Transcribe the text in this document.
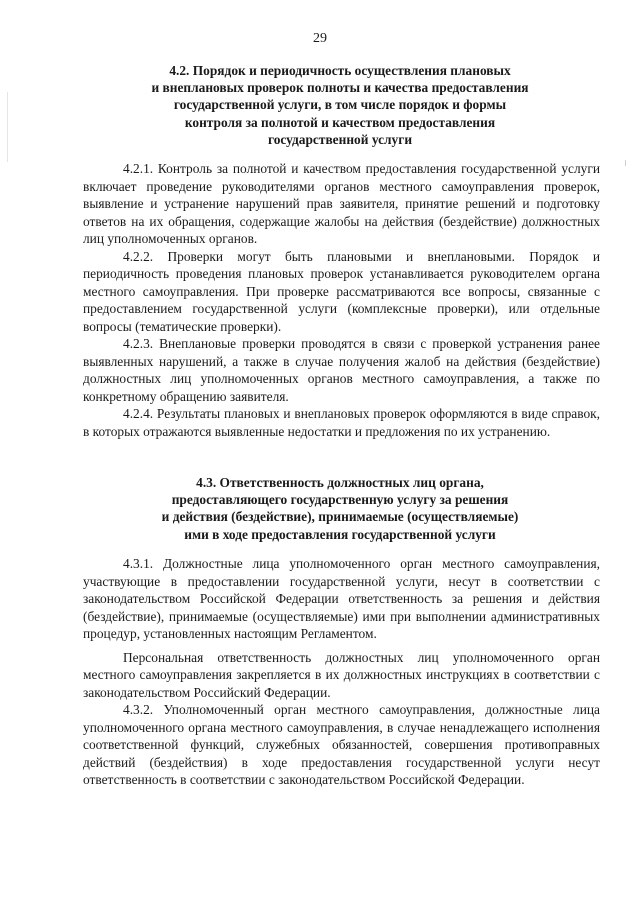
29
4.2. Порядок и периодичность осуществления плановых
и внеплановых проверок полноты и качества предоставления
государственной услуги, в том числе порядок и формы
контроля за полнотой и качеством предоставления
государственной услуги

4.2.1. Контроль за полнотой и качеством предоставления государственной услуги включает проведение руководителями органов местного самоуправления проверок, выявление и устранение нарушений прав заявителя, принятие решений и подготовку ответов на их обращения, содержащие жалобы на действия (бездействие) должностных лиц уполномоченных органов.

4.2.2. Проверки могут быть плановыми и внеплановыми. Порядок и периодичность проведения плановых проверок устанавливается руководителем органа местного самоуправления. При проверке рассматриваются все вопросы, связанные с предоставлением государственной услуги (комплексные проверки), или отдельные вопросы (тематические проверки).

4.2.3. Внеплановые проверки проводятся в связи с проверкой устранения ранее выявленных нарушений, а также в случае получения жалоб на действия (бездействие) должностных лиц уполномоченных органов местного самоуправления, а также по конкретному обращению заявителя.

4.2.4. Результаты плановых и внеплановых проверок оформляются в виде справок, в которых отражаются выявленные недостатки и предложения по их устранению.

4.3. Ответственность должностных лиц органа,
предоставляющего государственную услугу за решения
и действия (бездействие), принимаемые (осуществляемые)
ими в ходе предоставления государственной услуги

4.3.1. Должностные лица уполномоченного орган местного самоуправления, участвующие в предоставлении государственной услуги, несут в соответствии с законодательством Российской Федерации ответственность за решения и действия (бездействие), принимаемые (осуществляемые) ими при выполнении административных процедур, установленных настоящим Регламентом.

Персональная ответственность должностных лиц уполномоченного орган местного самоуправления закрепляется в их должностных инструкциях в соответствии с законодательством Российский Федерации.

4.3.2. Уполномоченный орган местного самоуправления, должностные лица уполномоченного органа местного самоуправления, в случае ненадлежащего исполнения соответственной функций, служебных обязанностей, совершения противоправных действий (бездействия) в ходе предоставления государственной услуги несут ответственность в соответствии с законодательством Российской Федерации.
